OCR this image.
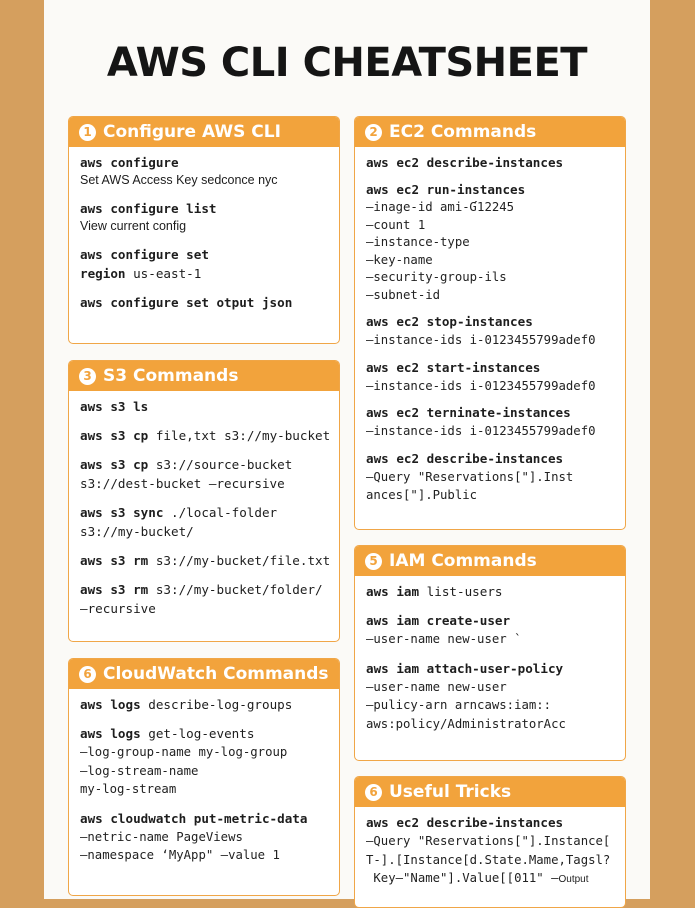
AWS CLI CHEATSHEET
1 Configure AWS CLI
aws configure
Set AWS Access Key sedconce nyc
aws configure list
View current config
aws configure set
region us-east-1
aws configure set otput json
3 S3 Commands
aws s3 ls
aws s3 cp file,txt s3://my-bucket
aws s3 cp s3://source-bucket
s3://dest-bucket —recursive
aws s3 sync ./local-folder
s3://my-bucket/
aws s3 rm s3://my-bucket/file.txt
aws s3 rm s3://my-bucket/folder/
—recursive
6 CloudWatch Commands
aws logs describe-log-groups
aws logs get-log-events
—log-group-name my-log-group
—log-stream-name
my-log-stream
aws cloudwatch put-metric-data
—netric-name PageViews
—namespace ‘MyApp" —value 1
2 EC2 Commands
aws ec2 describe-instances
aws ec2 run-instances
—inage-id ami-Ɠ12245
—count 1
—instance-type
—key-name
—security-group-ils
—subnet-id
aws ec2 stop-instances
—instance-ids i-0123455799adef0
aws ec2 start-instances
—instance-ids i-0123455799adef0
aws ec2 terninate-instances
—instance-ids i-0123455799adef0
aws ec2 describe-instances
—Query "Reservations["].Inst
ances["].Public
5 IAM Commands
aws iam list-users
aws iam create-user
—user-name new-user `
aws iam attach-user-policy
—user-name new-user
—pulicy-arn arncaws:iam::
aws:policy/AdministratorAcc
6 Useful Tricks
aws ec2 describe-instances
—Query "Reservations["].Instance[
T-].[Instance[d.State.Mame,Tagsl?
Key—"Name"].Value[[011" —Output
